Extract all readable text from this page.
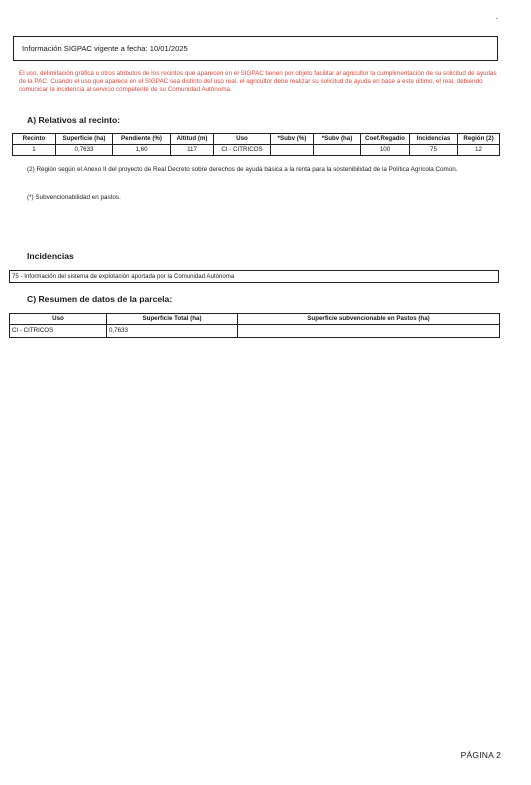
Información SIGPAC vigente a fecha: 10/01/2025
El uso, delimitación gráfica u otros atributos de los recintos que aparecen en el SIGPAC tienen por objeto facilitar al agricultor la cumplimentación de su solicitud de ayudas de la PAC. Cuando el uso que aparece en el SIGPAC sea distinto del uso real, el agricultor debe realizar su solicitud de ayuda en base a este último, el real, debiendo comunicar la incidencia al servicio competente de su Comunidad Autónoma.
A) Relativos al recinto:
Recinto	Superficie (ha)	Pendiente (%)	Altitud (m)	Uso	*Subv (%)	*Subv (ha)	Coef.Regadío	Incidencias	Región (2)
1	0,7633	1,60	117	CI - CITRICOS			100	75	12
(2) Región según el Anexo II del proyecto de Real Decreto sobre derechos de ayuda básica a la renta para la sostenibilidad de la Política Agrícola Común.
(*) Subvencionabilidad en pastos.
Incidencias
75 - Información del sistema de explotación aportada por la Comunidad Autónoma
C) Resumen de datos de la parcela:
Uso	Superficie Total (ha)	Superficie subvencionable en Pastos (ha)
CI - CITRICOS	0,7633	
PÁGINA 2
